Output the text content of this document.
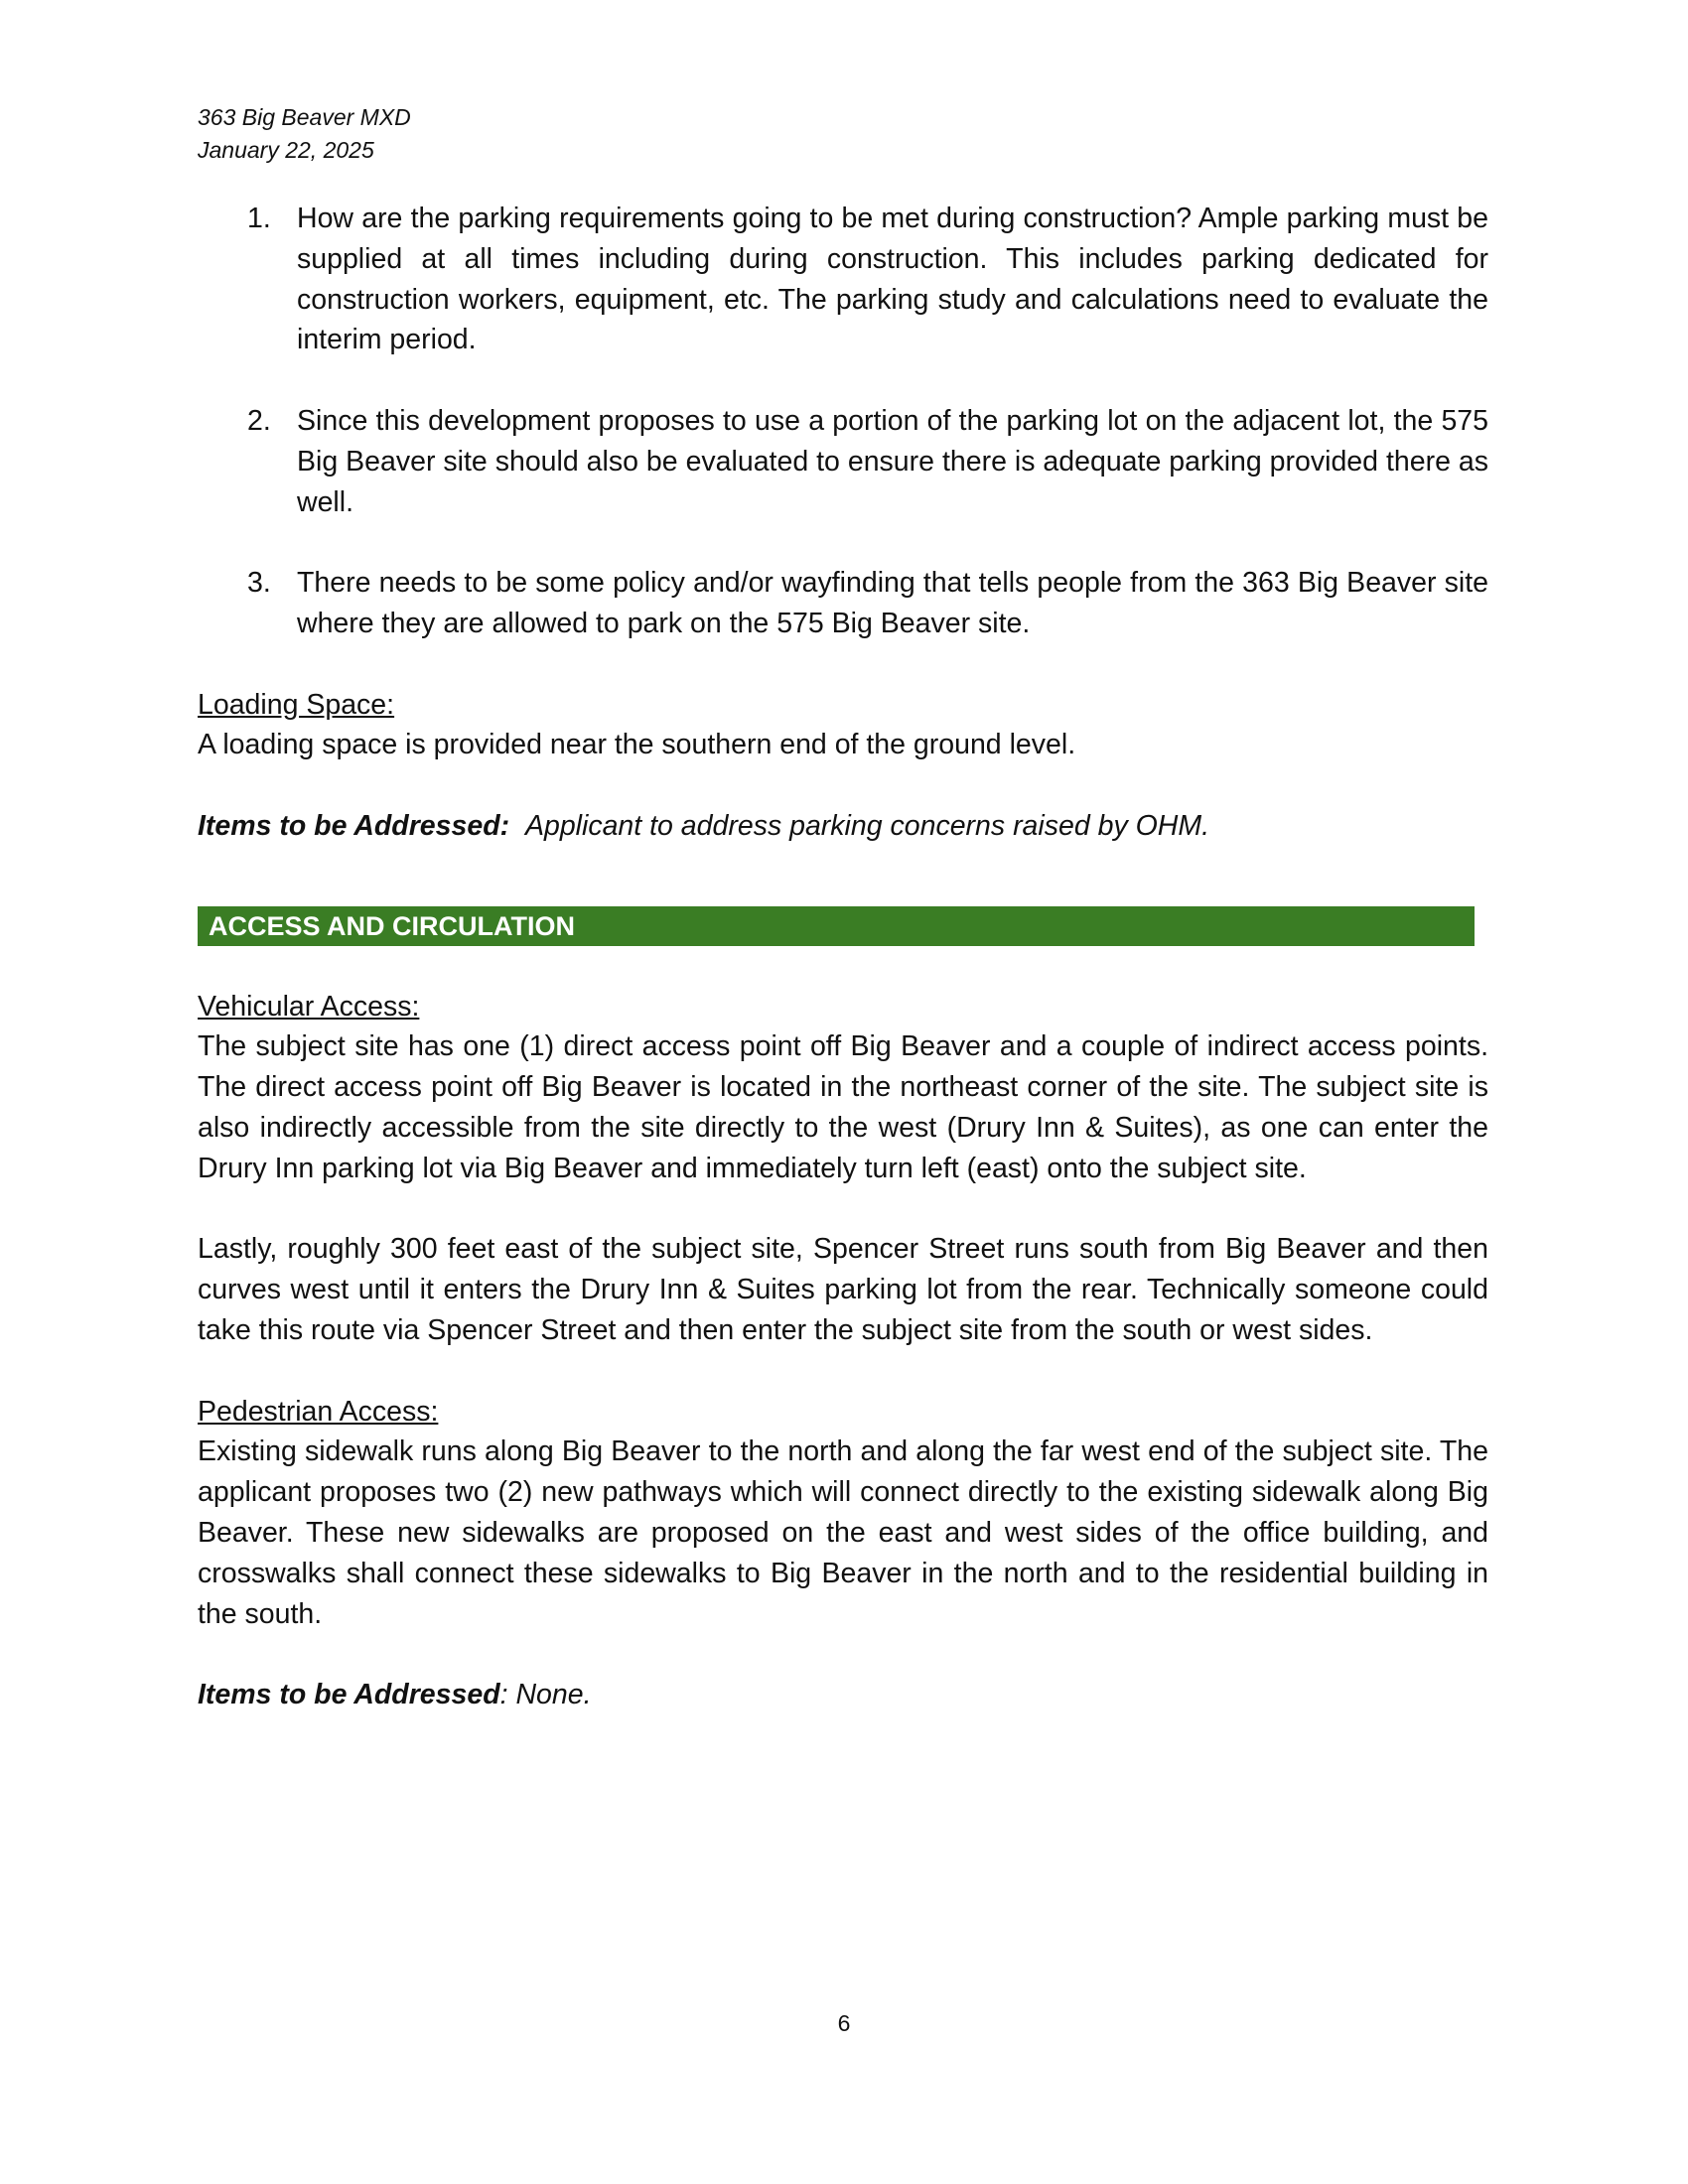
363 Big Beaver MXD
January 22, 2025
1. How are the parking requirements going to be met during construction? Ample parking must be supplied at all times including during construction. This includes parking dedicated for construction workers, equipment, etc. The parking study and calculations need to evaluate the interim period.
2. Since this development proposes to use a portion of the parking lot on the adjacent lot, the 575 Big Beaver site should also be evaluated to ensure there is adequate parking provided there as well.
3. There needs to be some policy and/or wayfinding that tells people from the 363 Big Beaver site where they are allowed to park on the 575 Big Beaver site.

Loading Space:
A loading space is provided near the southern end of the ground level.

Items to be Addressed: Applicant to address parking concerns raised by OHM.

ACCESS AND CIRCULATION

Vehicular Access:
The subject site has one (1) direct access point off Big Beaver and a couple of indirect access points. The direct access point off Big Beaver is located in the northeast corner of the site. The subject site is also indirectly accessible from the site directly to the west (Drury Inn & Suites), as one can enter the Drury Inn parking lot via Big Beaver and immediately turn left (east) onto the subject site.

Lastly, roughly 300 feet east of the subject site, Spencer Street runs south from Big Beaver and then curves west until it enters the Drury Inn & Suites parking lot from the rear. Technically someone could take this route via Spencer Street and then enter the subject site from the south or west sides.

Pedestrian Access:
Existing sidewalk runs along Big Beaver to the north and along the far west end of the subject site. The applicant proposes two (2) new pathways which will connect directly to the existing sidewalk along Big Beaver. These new sidewalks are proposed on the east and west sides of the office building, and crosswalks shall connect these sidewalks to Big Beaver in the north and to the residential building in the south.

Items to be Addressed: None.

6
